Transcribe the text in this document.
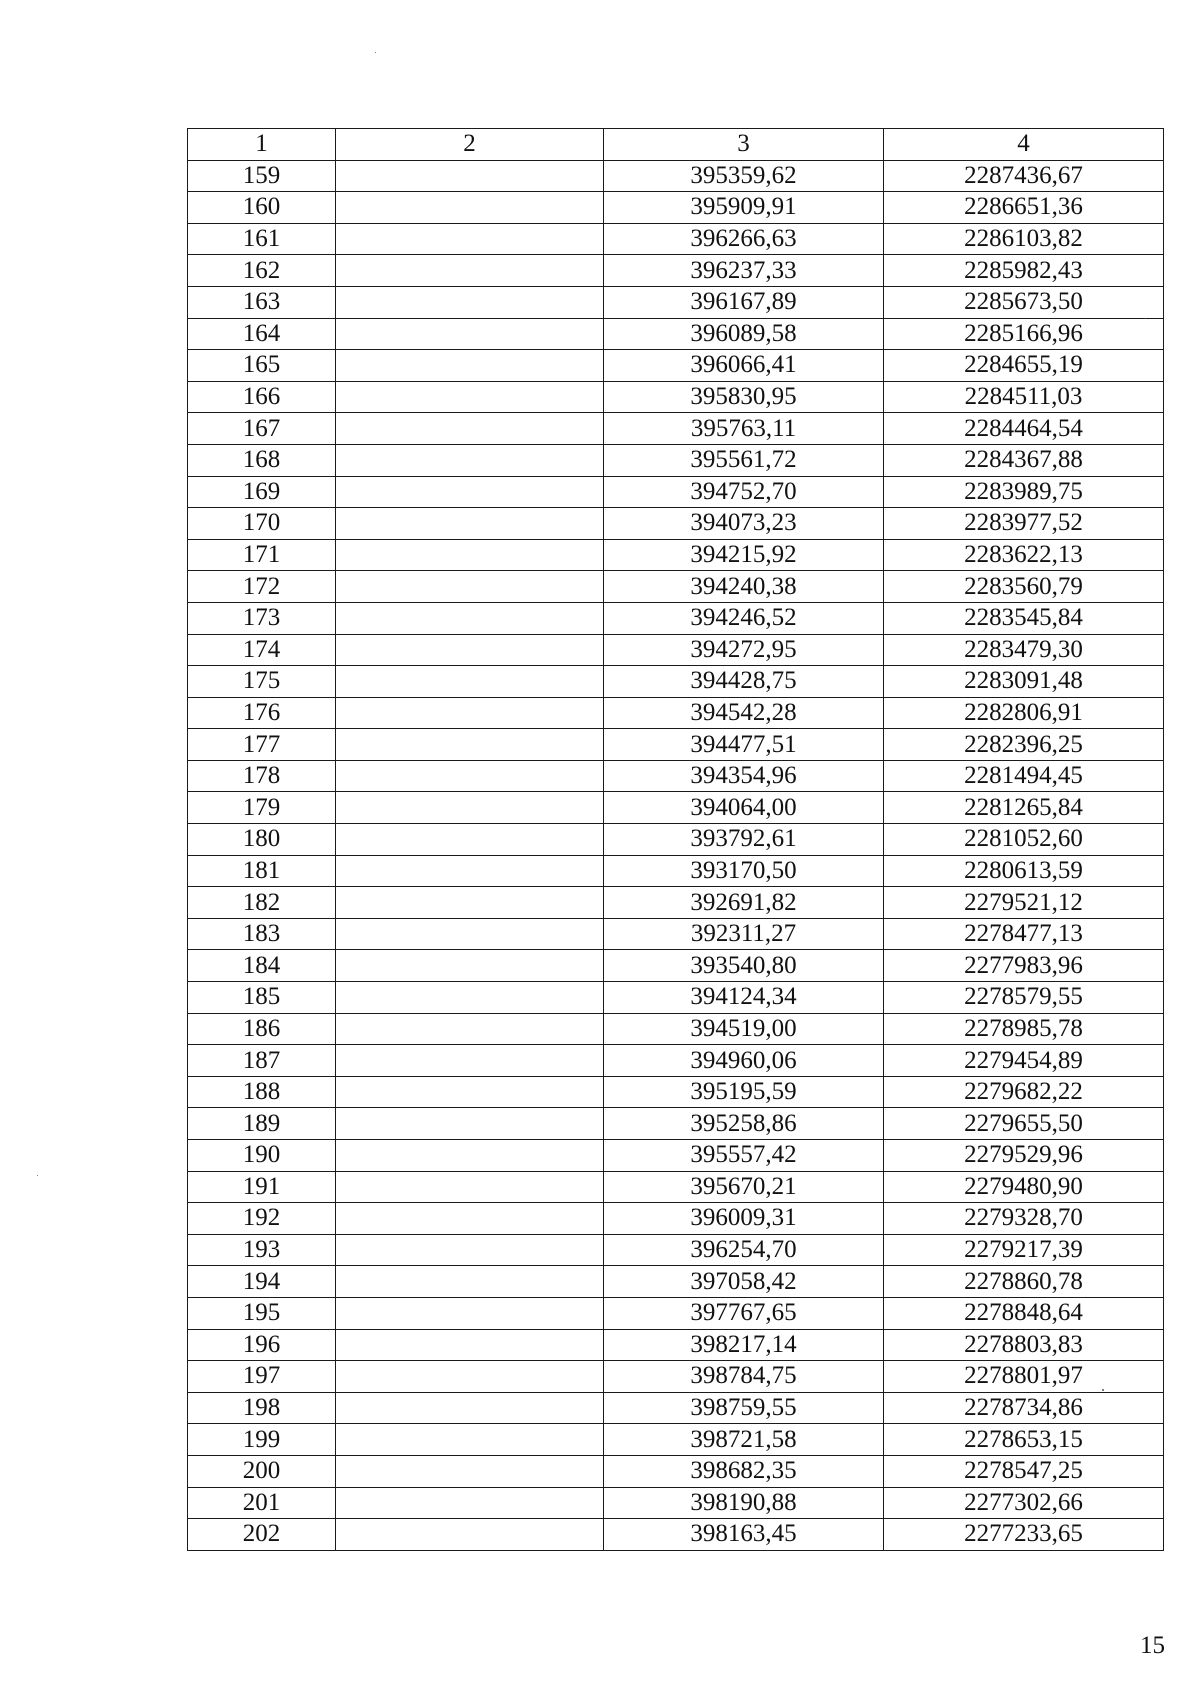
1	2	3	4
159		395359,62	2287436,67
160		395909,91	2286651,36
161		396266,63	2286103,82
162		396237,33	2285982,43
163		396167,89	2285673,50
164		396089,58	2285166,96
165		396066,41	2284655,19
166		395830,95	2284511,03
167		395763,11	2284464,54
168		395561,72	2284367,88
169		394752,70	2283989,75
170		394073,23	2283977,52
171		394215,92	2283622,13
172		394240,38	2283560,79
173		394246,52	2283545,84
174		394272,95	2283479,30
175		394428,75	2283091,48
176		394542,28	2282806,91
177		394477,51	2282396,25
178		394354,96	2281494,45
179		394064,00	2281265,84
180		393792,61	2281052,60
181		393170,50	2280613,59
182		392691,82	2279521,12
183		392311,27	2278477,13
184		393540,80	2277983,96
185		394124,34	2278579,55
186		394519,00	2278985,78
187		394960,06	2279454,89
188		395195,59	2279682,22
189		395258,86	2279655,50
190		395557,42	2279529,96
191		395670,21	2279480,90
192		396009,31	2279328,70
193		396254,70	2279217,39
194		397058,42	2278860,78
195		397767,65	2278848,64
196		398217,14	2278803,83
197		398784,75	2278801,97
198		398759,55	2278734,86
199		398721,58	2278653,15
200		398682,35	2278547,25
201		398190,88	2277302,66
202		398163,45	2277233,65
15
